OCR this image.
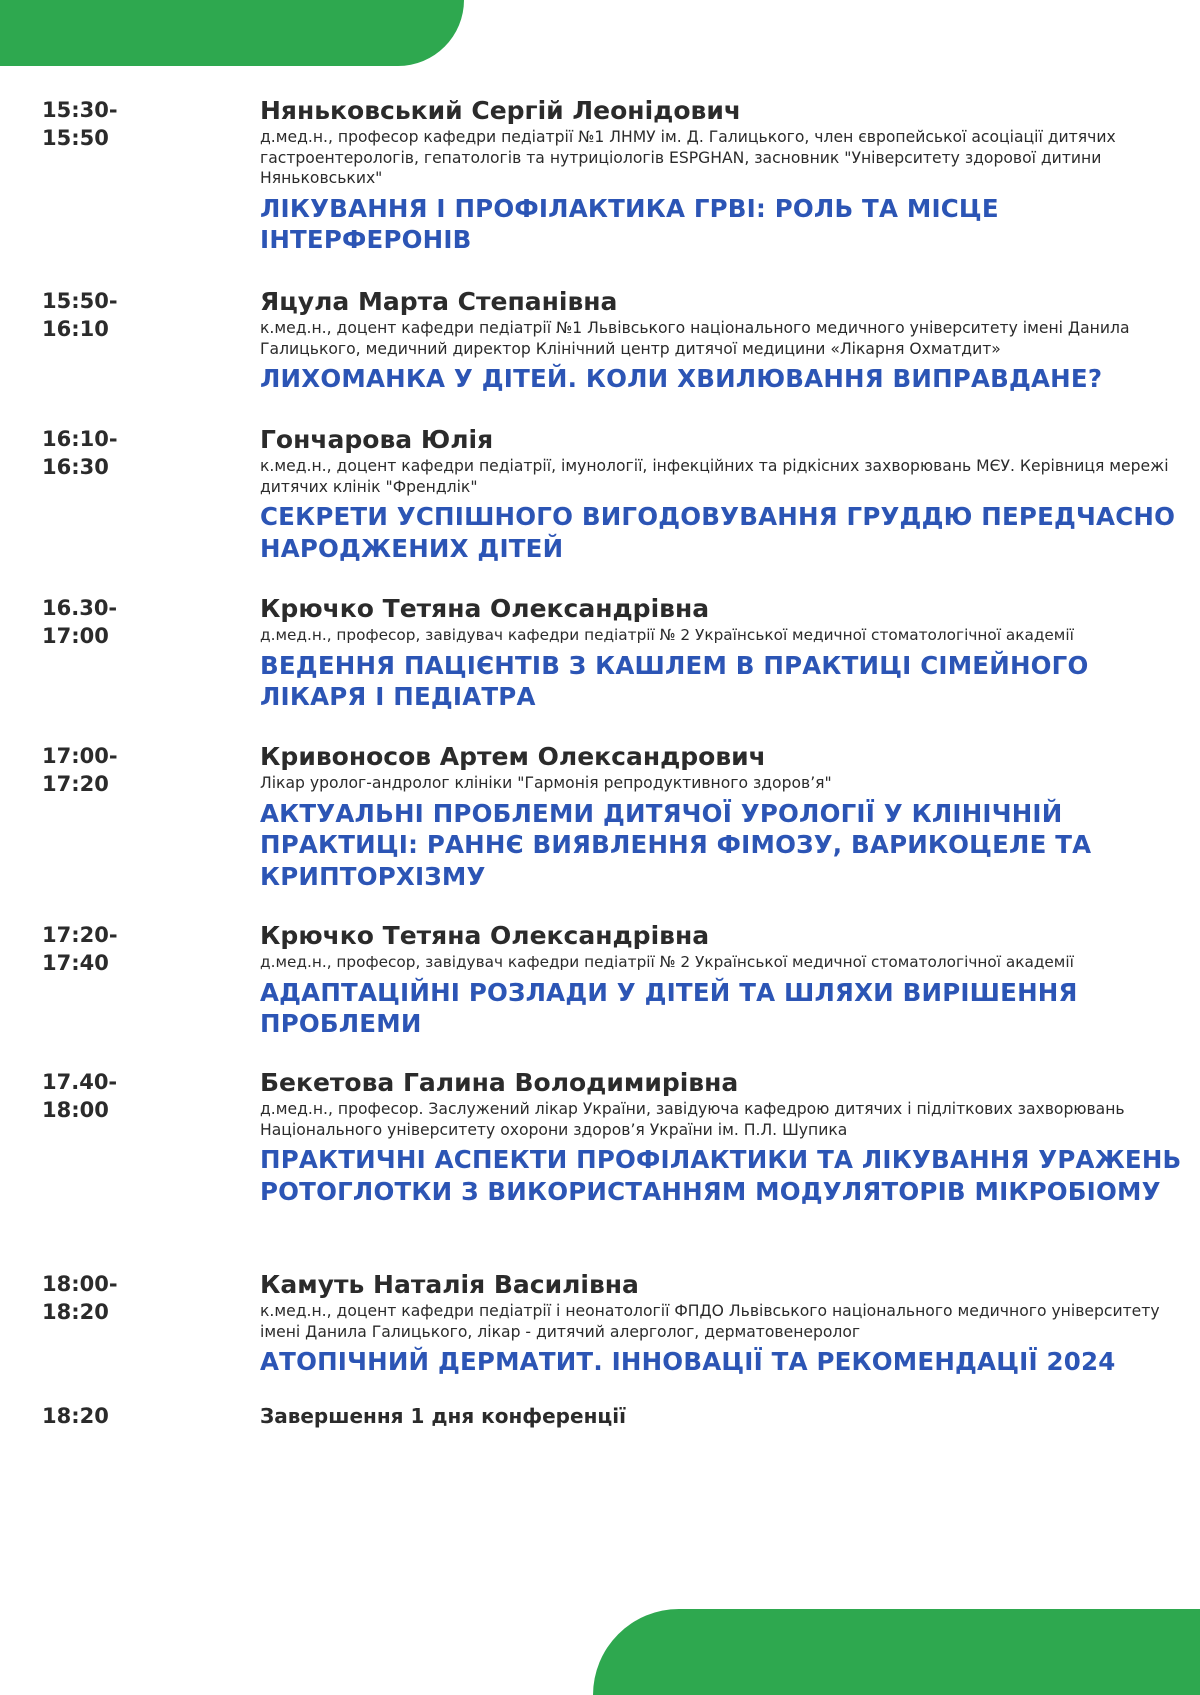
15:30-15:50
Няньковський Сергій Леонідович
д.мед.н., професор кафедри педіатрії №1 ЛНМУ ім. Д. Галицького, член європейської асоціації дитячих гастроентерологів, гепатологів та нутриціологів ESPGHAN, засновник "Університету здорової дитини Няньковських"
ЛІКУВАННЯ І ПРОФІЛАКТИКА ГРВІ: РОЛЬ ТА МІСЦЕ ІНТЕРФЕРОНІВ
15:50-16:10
Яцула Марта Степанівна
к.мед.н., доцент кафедри педіатрії №1 Львівського національного медичного університету імені Данила Галицького, медичний директор Клінічний центр дитячої медицини «Лікарня Охматдит»
ЛИХОМАНКА У ДІТЕЙ. КОЛИ ХВИЛЮВАННЯ ВИПРАВДАНЕ?
16:10-16:30
Гончарова Юлія
к.мед.н., доцент кафедри педіатрії, імунології, інфекційних та рідкісних захворювань МЄУ. Керівниця мережі дитячих клінік "Френдлік"
СЕКРЕТИ УСПІШНОГО ВИГОДОВУВАННЯ ГРУДДЮ ПЕРЕДЧАСНО НАРОДЖЕНИХ ДІТЕЙ
16.30-17:00
Крючко Тетяна Олександрівна
д.мед.н., професор, завідувач кафедри педіатрії № 2 Української медичної стоматологічної академії
ВЕДЕННЯ ПАЦІЄНТІВ З КАШЛЕМ В ПРАКТИЦІ СІМЕЙНОГО ЛІКАРЯ І ПЕДІАТРА
17:00-17:20
Кривоносов Артем Олександрович
Лікар уролог-андролог клініки "Гармонія репродуктивного здоров’я"
АКТУАЛЬНІ ПРОБЛЕМИ ДИТЯЧОЇ УРОЛОГІЇ У КЛІНІЧНІЙ ПРАКТИЦІ: РАННЄ ВИЯВЛЕННЯ ФІМОЗУ, ВАРИКОЦЕЛЕ ТА КРИПТОРХІЗМУ
17:20-17:40
Крючко Тетяна Олександрівна
д.мед.н., професор, завідувач кафедри педіатрії № 2 Української медичної стоматологічної академії
АДАПТАЦІЙНІ РОЗЛАДИ У ДІТЕЙ ТА ШЛЯХИ ВИРІШЕННЯ ПРОБЛЕМИ
17.40-18:00
Бекетова Галина Володимирівна
д.мед.н., професор. Заслужений лікар України, завідуюча кафедрою дитячих і підліткових захворювань Національного університету охорони здоров’я України ім. П.Л. Шупика
ПРАКТИЧНІ АСПЕКТИ ПРОФІЛАКТИКИ ТА ЛІКУВАННЯ УРАЖЕНЬ РОТОГЛОТКИ З ВИКОРИСТАННЯМ МОДУЛЯТОРІВ МІКРОБІОМУ
18:00-18:20
Камуть Наталія Василівна
к.мед.н., доцент кафедри педіатрії і неонатології ФПДО Львівського національного медичного університету імені Данила Галицького, лікар - дитячий алерголог, дерматовенеролог
АТОПІЧНИЙ ДЕРМАТИТ. ІННОВАЦІЇ ТА РЕКОМЕНДАЦІЇ 2024
18:20	Завершення 1 дня конференції
